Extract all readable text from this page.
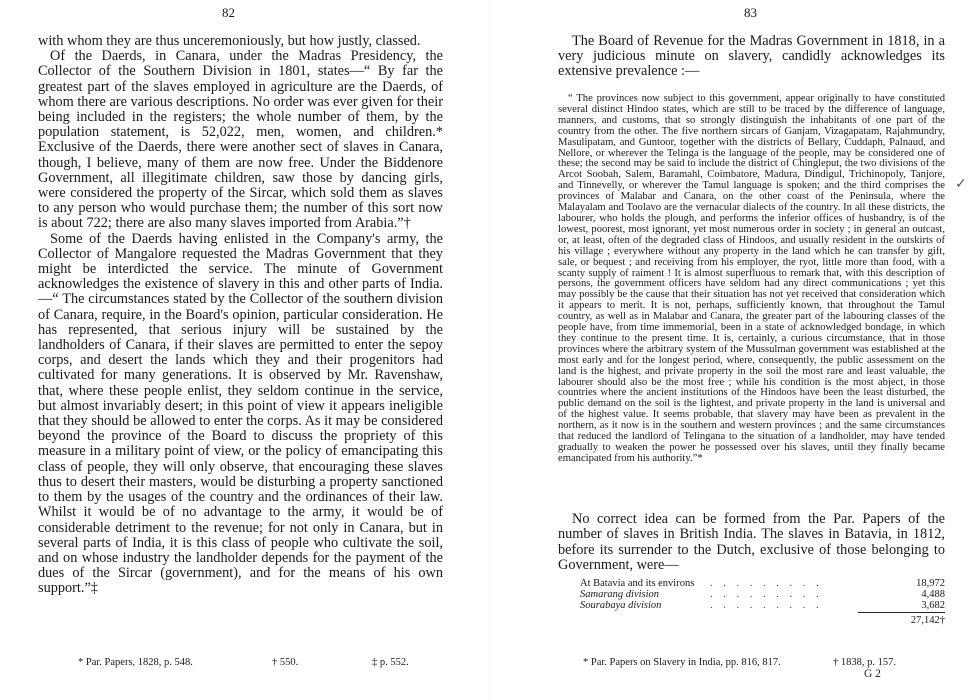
82

with whom they are thus unceremoniously, but how justly, classed.

Of the Daerds, in Canara, under the Madras Presidency, the Collector of the Southern Division in 1801, states—“ By far the greatest part of the slaves employed in agriculture are the Daerds, of whom there are various descriptions. No order was ever given for their being included in the registers; the whole number of them, by the population statement, is 52,022, men, women, and children.* Exclusive of the Daerds, there were another sect of slaves in Canara, though, I believe, many of them are now free. Under the Biddenore Government, all illegitimate children, saw those by dancing girls, were considered the property of the Sircar, which sold them as slaves to any person who would purchase them; the number of this sort now is about 722; there are also many slaves imported from Arabia.”†

Some of the Daerds having enlisted in the Company's army, the Collector of Mangalore requested the Madras Government that they might be interdicted the service. The minute of Government acknowledges the existence of slavery in this and other parts of India.—“ The circumstances stated by the Collector of the southern division of Canara, require, in the Board's opinion, particular consideration. He has represented, that serious injury will be sustained by the landholders of Canara, if their slaves are permitted to enter the sepoy corps, and desert the lands which they and their progenitors had cultivated for many generations. It is observed by Mr. Ravenshaw, that, where these people enlist, they seldom continue in the service, but almost invariably desert; in this point of view it appears ineligible that they should be allowed to enter the corps. As it may be considered beyond the province of the Board to discuss the propriety of this measure in a military point of view, or the policy of emancipating this class of people, they will only observe, that encouraging these slaves thus to desert their masters, would be disturbing a property sanctioned to them by the usages of the country and the ordinances of their law. Whilst it would be of no advantage to the army, it would be of considerable detriment to the revenue; for not only in Canara, but in several parts of India, it is this class of people who cultivate the soil, and on whose industry the landholder depends for the payment of the dues of the Sircar (government), and for the means of his own support.”‡

* Par. Papers, 1828, p. 548.	† 550.	‡ p. 552.
83

The Board of Revenue for the Madras Government in 1818, in a very judicious minute on slavery, candidly acknowledges its extensive prevalence :—

“ The provinces now subject to this government, appear originally to have constituted several distinct Hindoo states, which are still to be traced by the difference of language, manners, and customs, that so strongly distinguish the inhabitants of one part of the country from the other. The five northern sircars of Ganjam, Vizagapatam, Rajahmundry, Masulipatam, and Guntoor, together with the districts of Bellary, Cuddaph, Palnaud, and Nellore, or wherever the Telinga is the language of the people, may be considered one of these; the second may be said to include the district of Chingleput, the two divisions of the Arcot Soobah, Salem, Baramahl, Coimbatore, Madura, Dindigul, Trichinopoly, Tanjore, and Tinnevelly, or wherever the Tamul language is spoken; and the third comprises the provinces of Malabar and Canara, on the other coast of the Peninsula, where the Malayalam and Toolavo are the vernacular dialects of the country. In all these districts, the labourer, who holds the plough, and performs the inferior offices of husbandry, is of the lowest, poorest, most ignorant, yet most numerous order in society ; in general an outcast, or, at least, often of the degraded class of Hindoos, and usually resident in the outskirts of his village ; everywhere without any property in the land which he can transfer by gift, sale, or bequest ; and receiving from his employer, the ryot, little more than food, with a scanty supply of raiment ! It is almost superfluous to remark that, with this description of persons, the government officers have seldom had any direct communications ; yet this may possibly be the cause that their situation has not yet received that consideration which it appears to merit. It is not, perhaps, sufficiently known, that throughout the Tamul country, as well as in Malabar and Canara, the greater part of the labouring classes of the people have, from time immemorial, been in a state of acknowledged bondage, in which they continue to the present time. It is, certainly, a curious circumstance, that in those provinces where the arbitrary system of the Mussulman government was established at the most early and for the longest period, where, consequently, the public assessment on the land is the highest, and private property in the soil the most rare and least valuable, the labourer should also be the most free ; while his condition is the most abject, in those countries where the ancient institutions of the Hindoos have been the least disturbed, the public demand on the soil is the lightest, and private property in the land is universal and of the highest value. It seems probable, that slavery may have been as prevalent in the northern, as it now is in the southern and western provinces ; and the same circumstances that reduced the landlord of Telingana to the situation of a landholder, may have tended gradually to weaken the power he possessed over his slaves, until they finally became emancipated from his authority.”*
✓
No correct idea can be formed from the Par. Papers of the number of slaves in British India. The slaves in Batavia, in 1812, before its surrender to the Dutch, exclusive of those belonging to Government, were—
At Batavia and its environs . . . . . . . . .	18,972
Samarang division	. . . . . . . . .	4,488
Sourabaya division	. . . . . . . . .	3,682
27,142†
* Par. Papers on Slavery in India, pp. 816, 817.	† 1838, p. 157.
G 2
